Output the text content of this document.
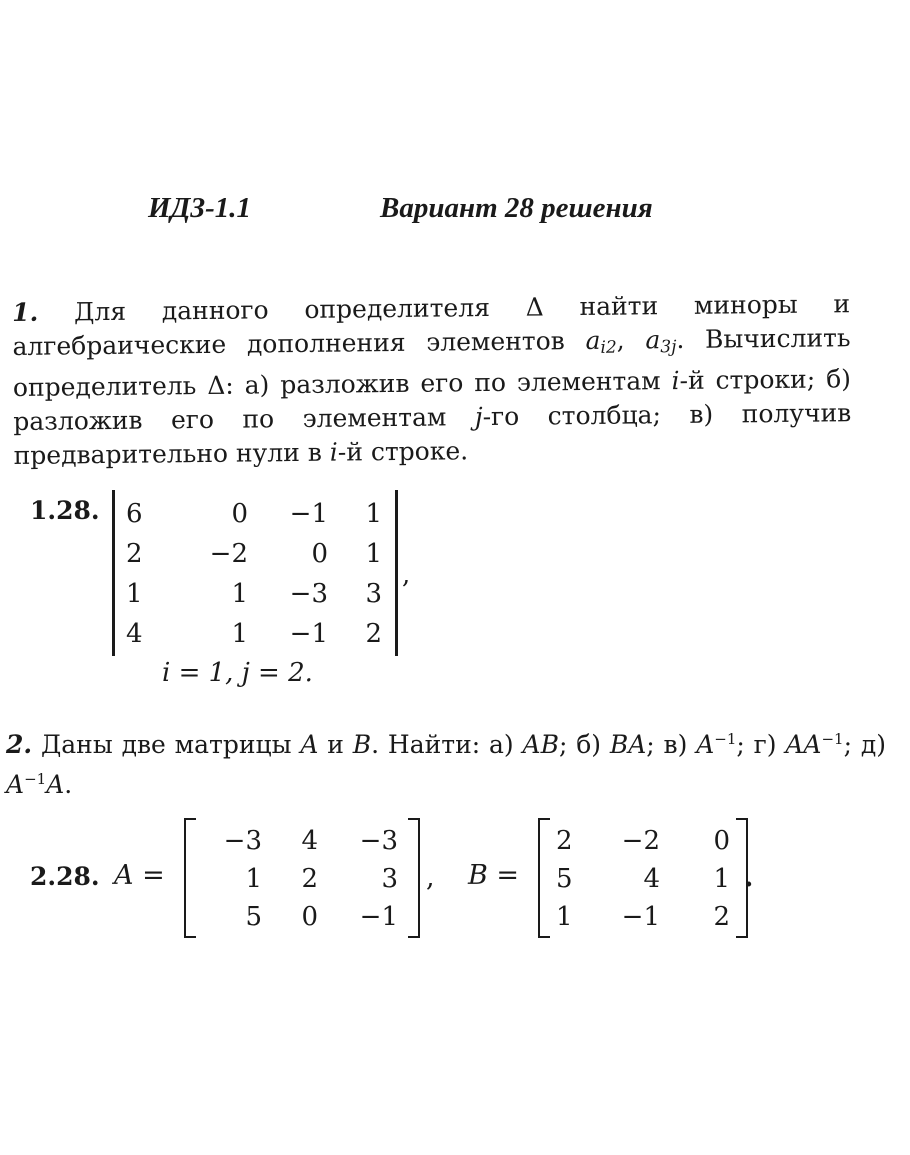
ИДЗ-1.1	Вариант 28 решения
1. Для данного определителя Δ найти миноры и алгебраические дополнения элементов $a_{i2}$, $a_{3j}$. Вычислить определитель Δ: а) разложив его по элементам i-й строки; б) разложив его по элементам j-го столбца; в) получив предварительно нули в i-й строке.
1.28. 6	0	−1	1
2	−2	0	1
1	1	−3	3
4	1	−1	2
,
i = 1, j = 2.
2. Даны две матрицы A и B. Найти: а) AB; б) BA; в) $A^{-1}$; г) $AA^{-1}$; д) $A^{-1}A$.
2.28. A =
−3	4	−3
1	2	3
5	0	−1
, B =
2	−2	0
5	4	1
1	−1	2
.
